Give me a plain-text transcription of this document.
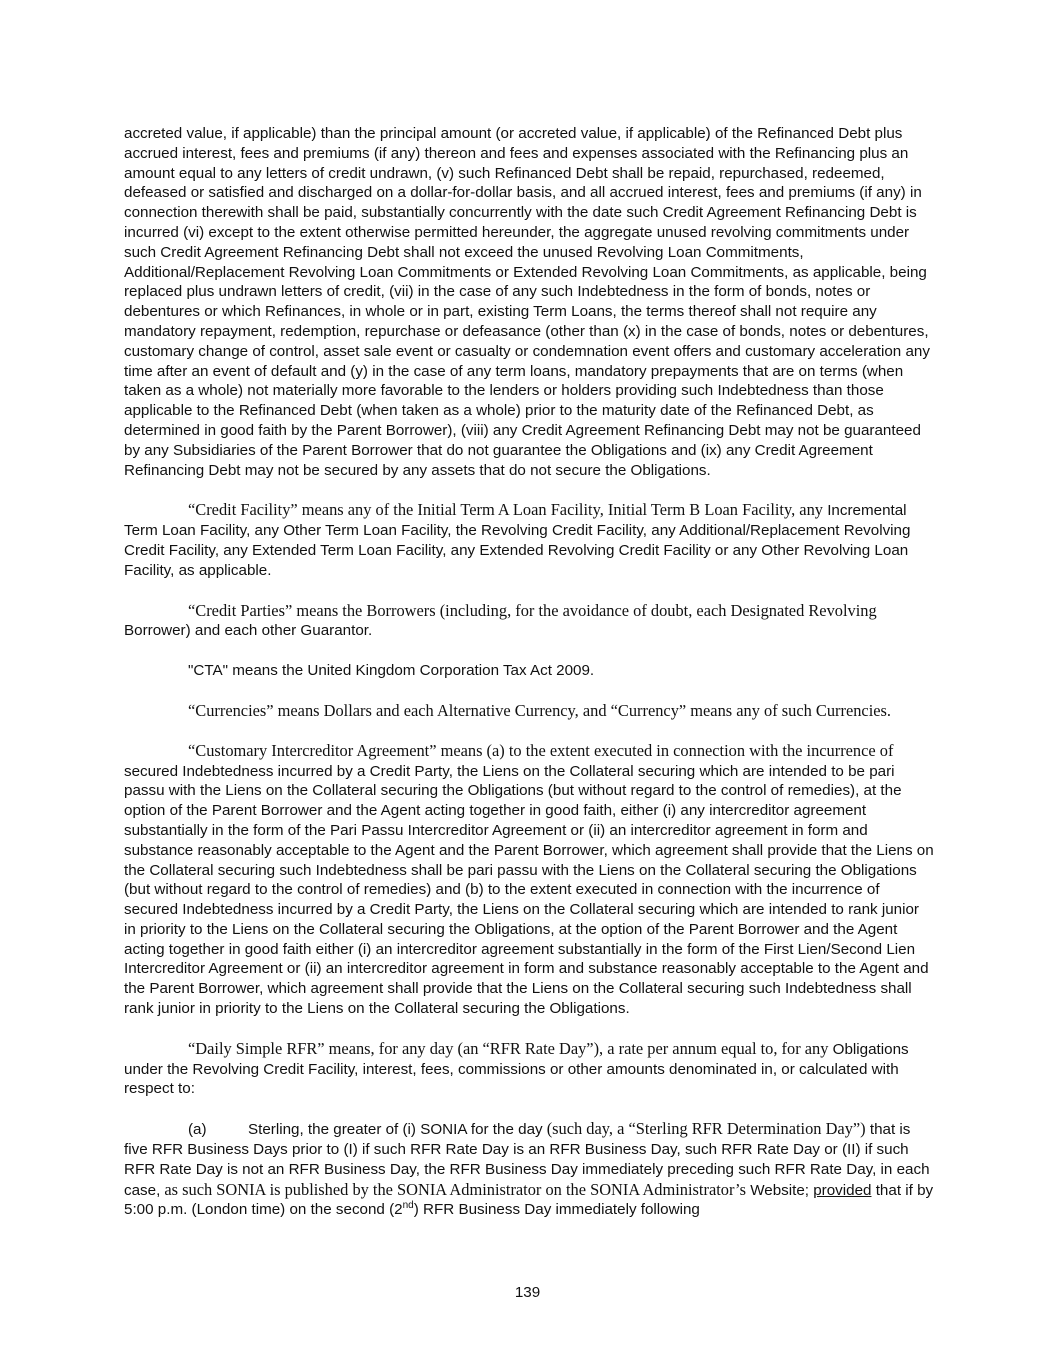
accreted value, if applicable) than the principal amount (or accreted value, if applicable) of the Refinanced Debt plus accrued interest, fees and premiums (if any) thereon and fees and expenses associated with the Refinancing plus an amount equal to any letters of credit undrawn, (v) such Refinanced Debt shall be repaid, repurchased, redeemed, defeased or satisfied and discharged on a dollar-for-dollar basis, and all accrued interest, fees and premiums (if any) in connection therewith shall be paid, substantially concurrently with the date such Credit Agreement Refinancing Debt is incurred (vi) except to the extent otherwise permitted hereunder, the aggregate unused revolving commitments under such Credit Agreement Refinancing Debt shall not exceed the unused Revolving Loan Commitments, Additional/Replacement Revolving Loan Commitments or Extended Revolving Loan Commitments, as applicable, being replaced plus undrawn letters of credit, (vii) in the case of any such Indebtedness in the form of bonds, notes or debentures or which Refinances, in whole or in part, existing Term Loans, the terms thereof shall not require any mandatory repayment, redemption, repurchase or defeasance (other than (x) in the case of bonds, notes or debentures, customary change of control, asset sale event or casualty or condemnation event offers and customary acceleration any time after an event of default and (y) in the case of any term loans, mandatory prepayments that are on terms (when taken as a whole) not materially more favorable to the lenders or holders providing such Indebtedness than those applicable to the Refinanced Debt (when taken as a whole) prior to the maturity date of the Refinanced Debt, as determined in good faith by the Parent Borrower), (viii) any Credit Agreement Refinancing Debt may not be guaranteed by any Subsidiaries of the Parent Borrower that do not guarantee the Obligations and (ix) any Credit Agreement Refinancing Debt may not be secured by any assets that do not secure the Obligations.

“Credit Facility” means any of the Initial Term A Loan Facility, Initial Term B Loan Facility, any Incremental Term Loan Facility, any Other Term Loan Facility, the Revolving Credit Facility, any Additional/Replacement Revolving Credit Facility, any Extended Term Loan Facility, any Extended Revolving Credit Facility or any Other Revolving Loan Facility, as applicable.

“Credit Parties” means the Borrowers (including, for the avoidance of doubt, each Designated Revolving Borrower) and each other Guarantor.

"CTA" means the United Kingdom Corporation Tax Act 2009.

“Currencies” means Dollars and each Alternative Currency, and “Currency” means any of such Currencies.

“Customary Intercreditor Agreement” means (a) to the extent executed in connection with the incurrence of secured Indebtedness incurred by a Credit Party, the Liens on the Collateral securing which are intended to be pari passu with the Liens on the Collateral securing the Obligations (but without regard to the control of remedies), at the option of the Parent Borrower and the Agent acting together in good faith, either (i) any intercreditor agreement substantially in the form of the Pari Passu Intercreditor Agreement or (ii) an intercreditor agreement in form and substance reasonably acceptable to the Agent and the Parent Borrower, which agreement shall provide that the Liens on the Collateral securing such Indebtedness shall be pari passu with the Liens on the Collateral securing the Obligations (but without regard to the control of remedies) and (b) to the extent executed in connection with the incurrence of secured Indebtedness incurred by a Credit Party, the Liens on the Collateral securing which are intended to rank junior in priority to the Liens on the Collateral securing the Obligations, at the option of the Parent Borrower and the Agent acting together in good faith either (i) an intercreditor agreement substantially in the form of the First Lien/Second Lien Intercreditor Agreement or (ii) an intercreditor agreement in form and substance reasonably acceptable to the Agent and the Parent Borrower, which agreement shall provide that the Liens on the Collateral securing such Indebtedness shall rank junior in priority to the Liens on the Collateral securing the Obligations.

“Daily Simple RFR” means, for any day (an “RFR Rate Day”), a rate per annum equal to, for any Obligations under the Revolving Credit Facility, interest, fees, commissions or other amounts denominated in, or calculated with respect to:

(a)	Sterling, the greater of (i) SONIA for the day (such day, a “Sterling RFR Determination Day”) that is five RFR Business Days prior to (I) if such RFR Rate Day is an RFR Business Day, such RFR Rate Day or (II) if such RFR Rate Day is not an RFR Business Day, the RFR Business Day immediately preceding such RFR Rate Day, in each case, as such SONIA is published by the SONIA Administrator on the SONIA Administrator’s Website; provided that if by 5:00 p.m. (London time) on the second (2nd) RFR Business Day immediately following

139
